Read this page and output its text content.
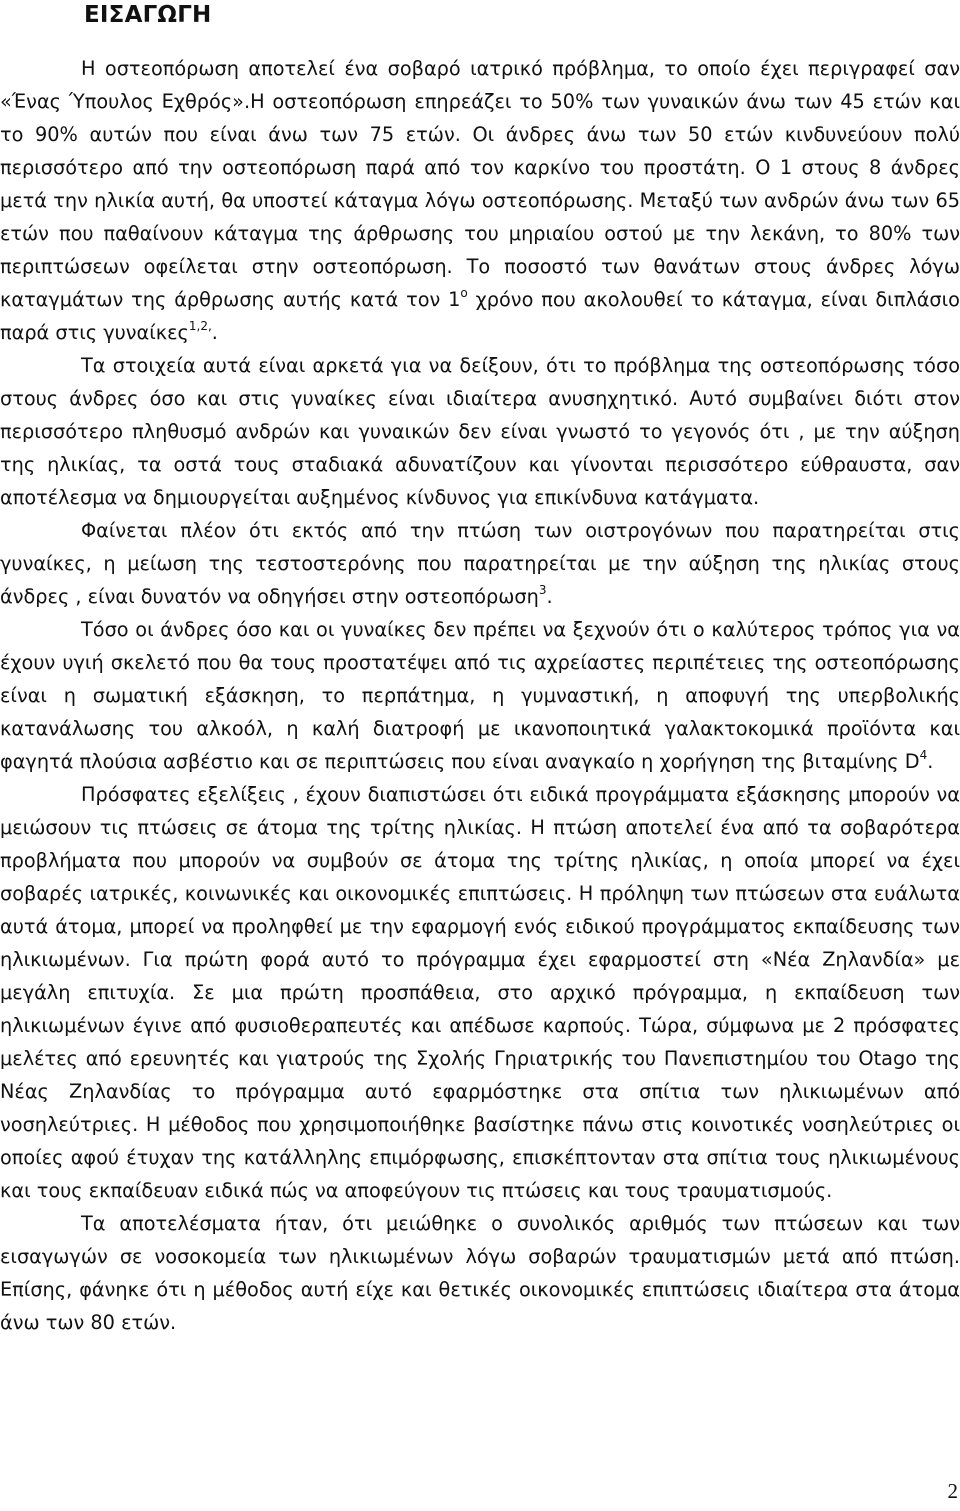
ΕΙΣΑΓΩΓΗ

Η οστεοπόρωση αποτελεί ένα σοβαρό ιατρικό πρόβλημα, το οποίο έχει περιγραφεί σαν «Ένας Ύπουλος Εχθρός».Η οστεοπόρωση επηρεάζει το 50% των γυναικών άνω των 45 ετών και το 90% αυτών που είναι άνω των 75 ετών. Οι άνδρες άνω των 50 ετών κινδυνεύουν πολύ περισσότερο από την οστεοπόρωση παρά από τον καρκίνο του προστάτη. Ο 1 στους 8 άνδρες μετά την ηλικία αυτή, θα υποστεί κάταγμα λόγω οστεοπόρωσης. Μεταξύ των ανδρών άνω των 65 ετών που παθαίνουν κάταγμα της άρθρωσης του μηριαίου οστού με την λεκάνη, το 80% των περιπτώσεων οφείλεται στην οστεοπόρωση. Το ποσοστό των θανάτων στους άνδρες λόγω καταγμάτων της άρθρωσης αυτής κατά τον $1^o$ χρόνο που ακολουθεί το κάταγμα, είναι διπλάσιο παρά στις γυναίκες$^{1,2,}$.

Τα στοιχεία αυτά είναι αρκετά για να δείξουν, ότι το πρόβλημα της οστεοπόρωσης τόσο στους άνδρες όσο και στις γυναίκες είναι ιδιαίτερα ανυσηχητικό. Αυτό συμβαίνει διότι στον περισσότερο πληθυσμό ανδρών και γυναικών δεν είναι γνωστό το γεγονός ότι , με την αύξηση της ηλικίας, τα οστά τους σταδιακά αδυνατίζουν και γίνονται περισσότερο εύθραυστα, σαν αποτέλεσμα να δημιουργείται αυξημένος κίνδυνος για επικίνδυνα κατάγματα.

Φαίνεται πλέον ότι εκτός από την πτώση των οιστρογόνων που παρατηρείται στις γυναίκες, η μείωση της τεστοστερόνης που παρατηρείται με την αύξηση της ηλικίας στους άνδρες , είναι δυνατόν να οδηγήσει στην οστεοπόρωση$^3$.

Τόσο οι άνδρες όσο και οι γυναίκες δεν πρέπει να ξεχνούν ότι ο καλύτερος τρόπος για να έχουν υγιή σκελετό που θα τους προστατέψει από τις αχρείαστες περιπέτειες της οστεοπόρωσης είναι η σωματική εξάσκηση, το περπάτημα, η γυμναστική, η αποφυγή της υπερβολικής κατανάλωσης του αλκοόλ, η καλή διατροφή με ικανοποιητικά γαλακτοκομικά προϊόντα και φαγητά πλούσια ασβέστιο και σε περιπτώσεις που είναι αναγκαίο η χορήγηση της βιταμίνης $D^4$.

Πρόσφατες εξελίξεις , έχουν διαπιστώσει ότι ειδικά προγράμματα εξάσκησης μπορούν να μειώσουν τις πτώσεις σε άτομα της τρίτης ηλικίας. Η πτώση αποτελεί ένα από τα σοβαρότερα προβλήματα που μπορούν να συμβούν σε άτομα της τρίτης ηλικίας, η οποία μπορεί να έχει σοβαρές ιατρικές, κοινωνικές και οικονομικές επιπτώσεις. Η πρόληψη των πτώσεων στα ευάλωτα αυτά άτομα, μπορεί να προληφθεί με την εφαρμογή ενός ειδικού προγράμματος εκπαίδευσης των ηλικιωμένων. Για πρώτη φορά αυτό το πρόγραμμα έχει εφαρμοστεί στη «Νέα Ζηλανδία» με μεγάλη επιτυχία. Σε μια πρώτη προσπάθεια, στο αρχικό πρόγραμμα, η εκπαίδευση των ηλικιωμένων έγινε από φυσιοθεραπευτές και απέδωσε καρπούς. Τώρα, σύμφωνα με 2 πρόσφατες μελέτες από ερευνητές και γιατρούς της Σχολής Γηριατρικής του Πανεπιστημίου του Otago της Νέας Ζηλανδίας το πρόγραμμα αυτό εφαρμόστηκε στα σπίτια των ηλικιωμένων από νοσηλεύτριες. Η μέθοδος που χρησιμοποιήθηκε βασίστηκε πάνω στις κοινοτικές νοσηλεύτριες οι οποίες αφού έτυχαν της κατάλληλης επιμόρφωσης, επισκέπτονταν στα σπίτια τους ηλικιωμένους και τους εκπαίδευαν ειδικά πώς να αποφεύγουν τις πτώσεις και τους τραυματισμούς.

Τα αποτελέσματα ήταν, ότι μειώθηκε ο συνολικός αριθμός των πτώσεων και των εισαγωγών σε νοσοκομεία των ηλικιωμένων λόγω σοβαρών τραυματισμών μετά από πτώση. Επίσης, φάνηκε ότι η μέθοδος αυτή είχε και θετικές οικονομικές επιπτώσεις ιδιαίτερα στα άτομα άνω των 80 ετών.

2
